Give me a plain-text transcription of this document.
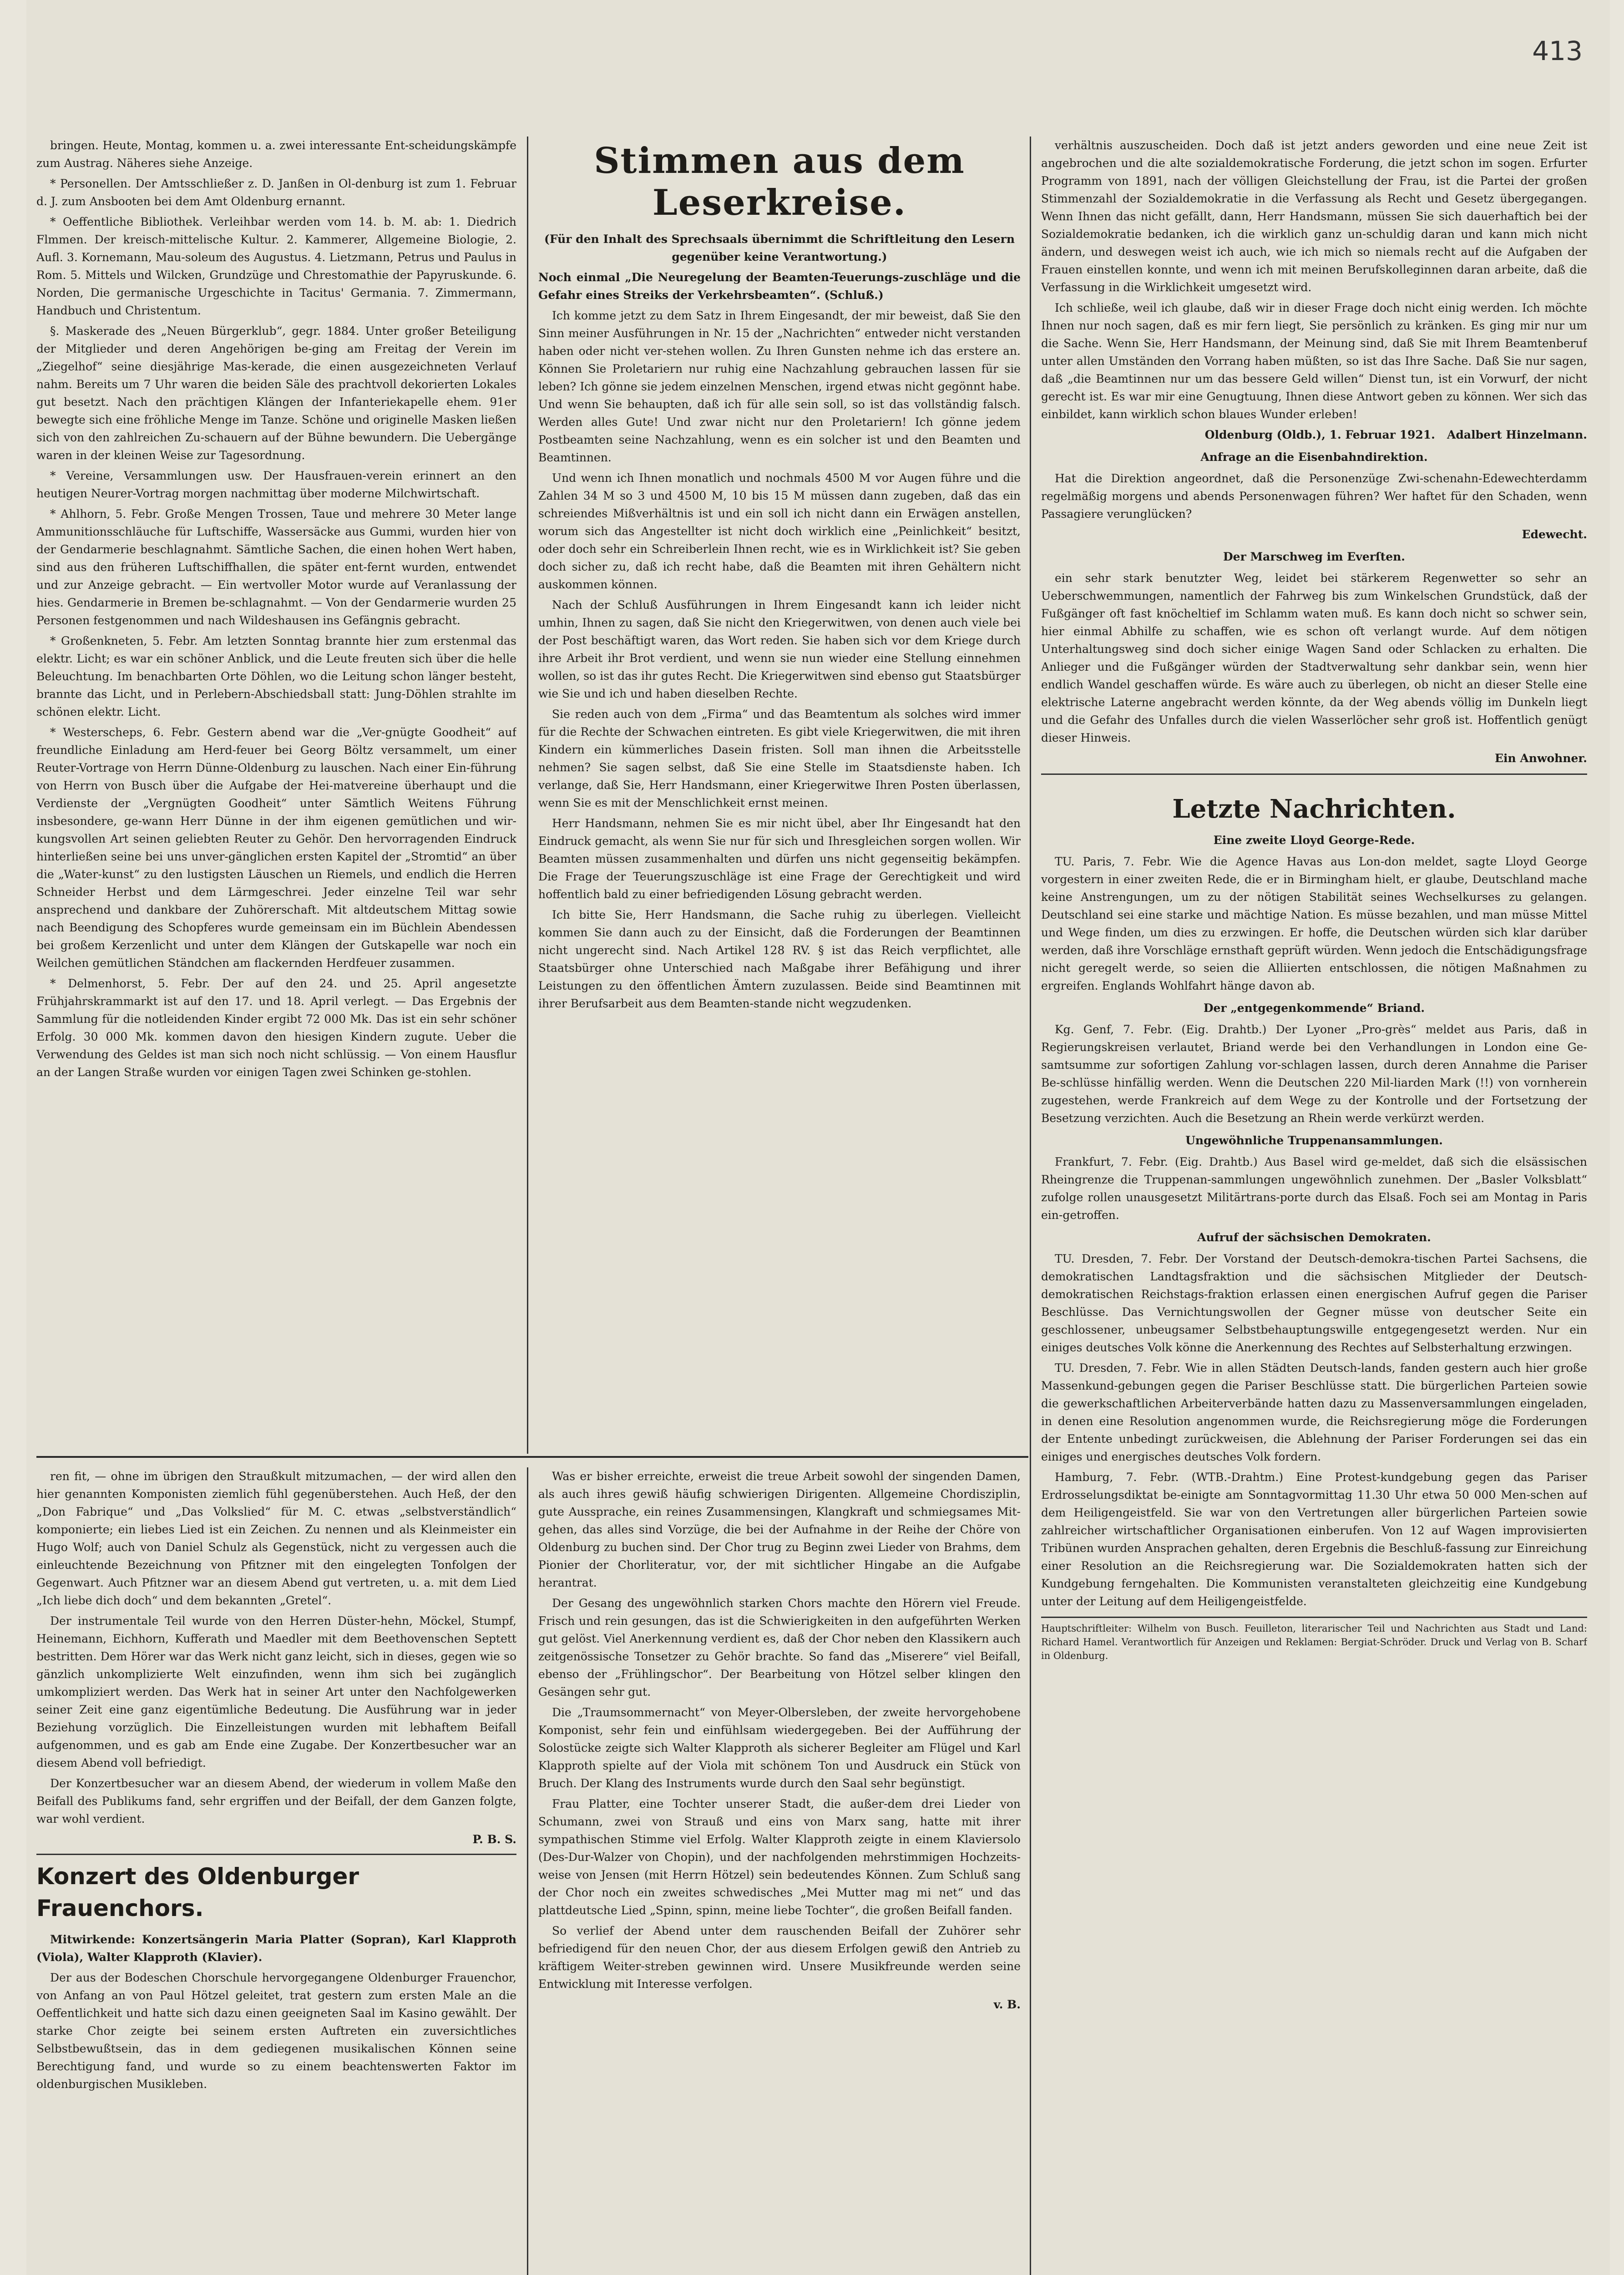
413

bringen. Heute, Montag, kommen u. a. zwei interessante Ent-scheidungskämpfe zum Austrag. Näheres siehe Anzeige.

* Personellen. Der Amtsschließer z. D. Janßen in Ol-denburg ist zum 1. Februar d. J. zum Ansbooten bei dem Amt Oldenburg ernannt.

* Oeffentliche Bibliothek. Verleihbar werden vom 14. b. M. ab: 1. Diedrich Flmmen. Der kreisch-mittelische Kultur. 2. Kammerer, Allgemeine Biologie, 2. Aufl. 3. Kornemann, Mau-soleum des Augustus. 4. Lietzmann, Petrus und Paulus in Rom. 5. Mittels und Wilcken, Grundzüge und Chrestomathie der Papyruskunde. 6. Norden, Die germanische Urgeschichte in Tacitus' Germania. 7. Zimmermann, Handbuch und Christentum.

§. Maskerade des „Neuen Bürgerklub“, gegr. 1884. Unter großer Beteiligung der Mitglieder und deren Angehörigen be-ging am Freitag der Verein im „Ziegelhof“ seine diesjährige Mas-kerade, die einen ausgezeichneten Verlauf nahm. Bereits um 7 Uhr waren die beiden Säle des prachtvoll dekorierten Lokales gut besetzt. Nach den prächtigen Klängen der Infanteriekapelle ehem. 91er bewegte sich eine fröhliche Menge im Tanze. Schöne und originelle Masken ließen sich von den zahlreichen Zu-schauern auf der Bühne bewundern. Die Uebergänge waren in der kleinen Weise zur Tagesordnung.

* Vereine, Versammlungen usw. Der Hausfrauen-verein erinnert an den heutigen Neurer-Vortrag morgen nachmittag über moderne Milchwirtschaft.

* Ahlhorn, 5. Febr. Große Mengen Trossen, Taue und mehrere 30 Meter lange Ammunitionsschläuche für Luftschiffe, Wassersäcke aus Gummi, wurden hier von der Gendarmerie beschlagnahmt. Sämtliche Sachen, die einen hohen Wert haben, sind aus den früheren Luftschiffhallen, die später ent-fernt wurden, entwendet und zur Anzeige gebracht. — Ein wertvoller Motor wurde auf Veranlassung der hies. Gendarmerie in Bremen be-schlagnahmt. — Von der Gendarmerie wurden 25 Personen festgenommen und nach Wildeshausen ins Gefängnis gebracht.

* Großenkneten, 5. Febr. Am letzten Sonntag brannte hier zum erstenmal das elektr. Licht; es war ein schöner Anblick, und die Leute freuten sich über die helle Beleuchtung. Im benachbarten Orte Döhlen, wo die Leitung schon länger besteht, brannte das Licht, und in Perlebern-Abschiedsball statt: Jung-Döhlen strahlte im schönen elektr. Licht.

* Westerscheps, 6. Febr. Gestern abend war die „Ver-gnügte Goodheit“ auf freundliche Einladung am Herd-feuer bei Georg Böltz versammelt, um einer Reuter-Vortrage von Herrn Dünne-Oldenburg zu lauschen. Nach einer Ein-führung von Herrn von Busch über die Aufgabe der Hei-matvereine überhaupt und die Verdienste der „Vergnügten Goodheit“ unter Sämtlich Weitens Führung insbesondere, ge-wann Herr Dünne in der ihm eigenen gemütlichen und wir-kungsvollen Art seinen geliebten Reuter zu Gehör. Den hervorragenden Eindruck hinterließen seine bei uns unver-gänglichen ersten Kapitel der „Stromtid“ an über die „Water-kunst“ zu den lustigsten Läuschen un Riemels, und endlich die Herren Schneider Herbst und dem Lärmgeschrei. Jeder einzelne Teil war sehr ansprechend und dankbare der Zuhörerschaft. Mit altdeutschem Mittag sowie nach Beendigung des Schopferes wurde gemeinsam ein im Büchlein Abendessen bei großem Kerzenlicht und unter dem Klängen der Gutskapelle war noch ein Weilchen gemütlichen Ständchen am flackernden Herdfeuer zusammen.

* Delmenhorst, 5. Febr. Der auf den 24. und 25. April angesetzte Frühjahrskrammarkt ist auf den 17. und 18. April verlegt. — Das Ergebnis der Sammlung für die notleidenden Kinder ergibt 72 000 Mk. Das ist ein sehr schöner Erfolg. 30 000 Mk. kommen davon den hiesigen Kindern zugute. Ueber die Verwendung des Geldes ist man sich noch nicht schlüssig. — Von einem Hausflur an der Langen Straße wurden vor einigen Tagen zwei Schinken ge-stohlen.

Stimmen aus dem Leserkreise.

(Für den Inhalt des Sprechsaals übernimmt die Schriftleitung den Lesern gegenüber keine Verantwortung.)

Noch einmal „Die Neuregelung der Beamten-Teuerungs-zuschläge und die Gefahr eines Streiks der Verkehrsbeamten“. (Schluß.)

Ich komme jetzt zu dem Satz in Ihrem Eingesandt, der mir beweist, daß Sie den Sinn meiner Ausführungen in Nr. 15 der „Nachrichten“ entweder nicht verstanden haben oder nicht ver-stehen wollen. Zu Ihren Gunsten nehme ich das erstere an. Können Sie Proletariern nur ruhig eine Nachzahlung gebrauchen lassen für sie leben? Ich gönne sie jedem einzelnen Menschen, irgend etwas nicht gegönnt habe. Und wenn Sie behaupten, daß ich für alle sein soll, so ist das vollständig falsch. Werden alles Gute! Und zwar nicht nur den Proletariern! Ich gönne jedem Postbeamten seine Nachzahlung, wenn es ein solcher ist und den Beamten und Beamtinnen.

Und wenn ich Ihnen monatlich und nochmals 4500 M vor Augen führe und die Zahlen 34 M so 3 und 4500 M, 10 bis 15 M müssen dann zugeben, daß das ein schreiendes Mißverhältnis ist und ein soll ich nicht dann ein Erwägen anstellen, worum sich das Angestellter ist nicht doch wirklich eine „Peinlichkeit“ besitzt, oder doch sehr ein Schreiberlein Ihnen recht, wie es in Wirklichkeit ist? Sie geben doch sicher zu, daß ich recht habe, daß die Beamten mit ihren Gehältern nicht auskommen können.

Nach der Schluß Ausführungen in Ihrem Eingesandt kann ich leider nicht umhin, Ihnen zu sagen, daß Sie nicht den Kriegerwitwen, von denen auch viele bei der Post beschäftigt waren, das Wort reden. Sie haben sich vor dem Kriege durch ihre Arbeit ihr Brot verdient, und wenn sie nun wieder eine Stellung einnehmen wollen, so ist das ihr gutes Recht. Die Kriegerwitwen sind ebenso gut Staatsbürger wie Sie und ich und haben dieselben Rechte.

Sie reden auch von dem „Firma“ und das Beamtentum als solches wird immer für die Rechte der Schwachen eintreten. Es gibt viele Kriegerwitwen, die mit ihren Kindern ein kümmerliches Dasein fristen. Soll man ihnen die Arbeitsstelle nehmen? Sie sagen selbst, daß Sie eine Stelle im Staatsdienste haben. Ich verlange, daß Sie, Herr Handsmann, einer Kriegerwitwe Ihren Posten überlassen, wenn Sie es mit der Menschlichkeit ernst meinen.

Herr Handsmann, nehmen Sie es mir nicht übel, aber Ihr Eingesandt hat den Eindruck gemacht, als wenn Sie nur für sich und Ihresgleichen sorgen wollen. Wir Beamten müssen zusammenhalten und dürfen uns nicht gegenseitig bekämpfen. Die Frage der Teuerungszuschläge ist eine Frage der Gerechtigkeit und wird hoffentlich bald zu einer befriedigenden Lösung gebracht werden.

Ich bitte Sie, Herr Handsmann, die Sache ruhig zu überlegen. Vielleicht kommen Sie dann auch zu der Einsicht, daß die Forderungen der Beamtinnen nicht ungerecht sind. Nach Artikel 128 RV. § ist das Reich verpflichtet, alle Staatsbürger ohne Unterschied nach Maßgabe ihrer Befähigung und ihrer Leistungen zu den öffentlichen Ämtern zuzulassen. Beide sind Beamtinnen mit ihrer Berufsarbeit aus dem Beamten-stande nicht wegzudenken.

verhältnis auszuscheiden. Doch daß ist jetzt anders geworden und eine neue Zeit ist angebrochen und die alte sozialdemokratische Forderung, die jetzt schon im sogen. Erfurter Programm von 1891, nach der völligen Gleichstellung der Frau, ist die Partei der großen Stimmenzahl der Sozialdemokratie in die Verfassung als Recht und Gesetz übergegangen. Wenn Ihnen das nicht gefällt, dann, Herr Handsmann, müssen Sie sich dauerhaftich bei der Sozialdemokratie bedanken, ich die wirklich ganz un-schuldig daran und kann mich nicht ändern, und deswegen weist ich auch, wie ich mich so niemals recht auf die Aufgaben der Frauen einstellen konnte, und wenn ich mit meinen Berufskolleginnen daran arbeite, daß die Verfassung in die Wirklichkeit umgesetzt wird.

Ich schließe, weil ich glaube, daß wir in dieser Frage doch nicht einig werden. Ich möchte Ihnen nur noch sagen, daß es mir fern liegt, Sie persönlich zu kränken. Es ging mir nur um die Sache. Wenn Sie, Herr Handsmann, der Meinung sind, daß Sie mit Ihrem Beamtenberuf unter allen Umständen den Vorrang haben müßten, so ist das Ihre Sache. Daß Sie nur sagen, daß „die Beamtinnen nur um das bessere Geld willen“ Dienst tun, ist ein Vorwurf, der nicht gerecht ist. Es war mir eine Genugtuung, Ihnen diese Antwort geben zu können. Wer sich das einbildet, kann wirklich schon blaues Wunder erleben!

Oldenburg (Oldb.), 1. Februar 1921. Adalbert Hinzelmann.
Anfrage an die Eisenbahndirektion.

Hat die Direktion angeordnet, daß die Personenzüge Zwi-schenahn-Edewechterdamm regelmäßig morgens und abends Personenwagen führen? Wer haftet für den Schaden, wenn Passagiere verunglücken?

Edewecht.
Der Marschweg im Everſten.

ein sehr stark benutzter Weg, leidet bei stärkerem Regenwetter so sehr an Ueberschwemmungen, namentlich der Fahrweg bis zum Winkelschen Grundstück, daß der Fußgänger oft fast knöcheltief im Schlamm waten muß. Es kann doch nicht so schwer sein, hier einmal Abhilfe zu schaffen, wie es schon oft verlangt wurde. Auf dem nötigen Unterhaltungsweg sind doch sicher einige Wagen Sand oder Schlacken zu erhalten. Die Anlieger und die Fußgänger würden der Stadtverwaltung sehr dankbar sein, wenn hier endlich Wandel geschaffen würde. Es wäre auch zu überlegen, ob nicht an dieser Stelle eine elektrische Laterne angebracht werden könnte, da der Weg abends völlig im Dunkeln liegt und die Gefahr des Unfalles durch die vielen Wasserlöcher sehr groß ist. Hoffentlich genügt dieser Hinweis.

Ein Anwohner.
Letzte Nachrichten.
Eine zweite Lloyd George-Rede.

TU. Paris, 7. Febr. Wie die Agence Havas aus Lon-don meldet, sagte Lloyd George vorgestern in einer zweiten Rede, die er in Birmingham hielt, er glaube, Deutschland mache keine Anstrengungen, um zu der nötigen Stabilität seines Wechselkurses zu gelangen. Deutschland sei eine starke und mächtige Nation. Es müsse bezahlen, und man müsse Mittel und Wege finden, um dies zu erzwingen. Er hoffe, die Deutschen würden sich klar darüber werden, daß ihre Vorschläge ernsthaft geprüft würden. Wenn jedoch die Entschädigungsfrage nicht geregelt werde, so seien die Alliierten entschlossen, die nötigen Maßnahmen zu ergreifen. Englands Wohlfahrt hänge davon ab.

Der „entgegenkommende“ Briand.

Kg. Genf, 7. Febr. (Eig. Drahtb.) Der Lyoner „Pro-grès“ meldet aus Paris, daß in Regierungskreisen verlautet, Briand werde bei den Verhandlungen in London eine Ge-samtsumme zur sofortigen Zahlung vor-schlagen lassen, durch deren Annahme die Pariser Be-schlüsse hinfällig werden. Wenn die Deutschen 220 Mil-liarden Mark (!!) von vornherein zugestehen, werde Frankreich auf dem Wege zu der Kontrolle und der Fortsetzung der Besetzung verzichten. Auch die Besetzung an Rhein werde verkürzt werden.

Ungewöhnliche Truppenansammlungen.

Frankfurt, 7. Febr. (Eig. Drahtb.) Aus Basel wird ge-meldet, daß sich die elsässischen Rheingrenze die Truppenan-sammlungen ungewöhnlich zunehmen. Der „Basler Volksblatt“ zufolge rollen unausgesetzt Militärtrans-porte durch das Elsaß. Foch sei am Montag in Paris ein-getroffen.

Aufruf der sächsischen Demokraten.

TU. Dresden, 7. Febr. Der Vorstand der Deutsch-demokra-tischen Partei Sachsens, die demokratischen Landtagsfraktion und die sächsischen Mitglieder der Deutsch-demokratischen Reichstags-fraktion erlassen einen energischen Aufruf gegen die Pariser Beschlüsse. Das Vernichtungswollen der Gegner müsse von deutscher Seite ein geschlossener, unbeugsamer Selbstbehauptungswille entgegengesetzt werden. Nur ein einiges deutsches Volk könne die Anerkennung des Rechtes auf Selbsterhaltung erzwingen.

TU. Dresden, 7. Febr. Wie in allen Städten Deutsch-lands, fanden gestern auch hier große Massenkund-gebungen gegen die Pariser Beschlüsse statt. Die bürgerlichen Parteien sowie die gewerkschaftlichen Arbeiterverbände hatten dazu zu Massenversammlungen eingeladen, in denen eine Resolution angenommen wurde, die Reichsregierung möge die Forderungen der Entente unbedingt zurückweisen, die Ablehnung der Pariser Forderungen sei das ein einiges und energisches deutsches Volk fordern.

Hamburg, 7. Febr. (WTB.-Drahtm.) Eine Protest-kundgebung gegen das Pariser Erdrosselungsdiktat be-einigte am Sonntagvormittag 11.30 Uhr etwa 50 000 Men-schen auf dem Heiligengeistfeld. Sie war von den Vertretungen aller bürgerlichen Parteien sowie zahlreicher wirtschaftlicher Organisationen einberufen. Von 12 auf Wagen improvisierten Tribünen wurden Ansprachen gehalten, deren Ergebnis die Beschluß-fassung zur Einreichung einer Resolution an die Reichsregierung war. Die Sozialdemokraten hatten sich der Kundgebung ferngehalten. Die Kommunisten veranstalteten gleichzeitig eine Kundgebung unter der Leitung auf dem Heiligengeistfelde.

Hauptschriftleiter: Wilhelm von Busch. Feuilleton, literarischer Teil und Nachrichten aus Stadt und Land: Richard Hamel. Verantwortlich für Anzeigen und Reklamen: Bergiat-Schröder. Druck und Verlag von B. Scharf in Oldenburg.

ren fit, — ohne im übrigen den Straußkult mitzumachen, — der wird allen den hier genannten Komponisten ziemlich fühl gegenüberstehen. Auch Heß, der den „Don Fabrique“ und „Das Volkslied“ für M. C. etwas „selbstverständlich“ komponierte; ein liebes Lied ist ein Zeichen. Zu nennen und als Kleinmeister ein Hugo Wolf; auch von Daniel Schulz als Gegenstück, nicht zu vergessen auch die einleuchtende Bezeichnung von Pfitzner mit den eingelegten Tonfolgen der Gegenwart. Auch Pfitzner war an diesem Abend gut vertreten, u. a. mit dem Lied „Ich liebe dich doch“ und dem bekannten „Gretel“.

Der instrumentale Teil wurde von den Herren Düster-hehn, Möckel, Stumpf, Heinemann, Eichhorn, Kufferath und Maedler mit dem Beethovenschen Septett bestritten. Dem Hörer war das Werk nicht ganz leicht, sich in dieses, gegen wie so gänzlich unkomplizierte Welt einzufinden, wenn ihm sich bei zugänglich umkompliziert werden. Das Werk hat in seiner Art unter den Nachfolgewerken seiner Zeit eine ganz eigentümliche Bedeutung. Die Ausführung war in jeder Beziehung vorzüglich. Die Einzelleistungen wurden mit lebhaftem Beifall aufgenommen, und es gab am Ende eine Zugabe. Der Konzertbesucher war an diesem Abend voll befriedigt.

Der Konzertbesucher war an diesem Abend, der wiederum in vollem Maße den Beifall des Publikums fand, sehr ergriffen und der Beifall, der dem Ganzen folgte, war wohl verdient.

P. B. S.
Konzert des Oldenburger Frauenchors.

Mitwirkende: Konzertsängerin Maria Platter (Sopran), Karl Klapproth (Viola), Walter Klapproth (Klavier).

Der aus der Bodeschen Chorschule hervorgegangene Oldenburger Frauenchor, von Anfang an von Paul Hötzel geleitet, trat gestern zum ersten Male an die Oeffentlichkeit und hatte sich dazu einen geeigneten Saal im Kasino gewählt. Der starke Chor zeigte bei seinem ersten Auftreten ein zuversichtliches Selbstbewußtsein, das in dem gediegenen musikalischen Können seine Berechtigung fand, und wurde so zu einem beachtenswerten Faktor im oldenburgischen Musikleben.

Was er bisher erreichte, erweist die treue Arbeit sowohl der singenden Damen, als auch ihres gewiß häufig schwierigen Dirigenten. Allgemeine Chordisziplin, gute Aussprache, ein reines Zusammensingen, Klangkraft und schmiegsames Mit-gehen, das alles sind Vorzüge, die bei der Aufnahme in der Reihe der Chöre von Oldenburg zu buchen sind. Der Chor trug zu Beginn zwei Lieder von Brahms, dem Pionier der Chorliteratur, vor, der mit sichtlicher Hingabe an die Aufgabe herantrat.

Der Gesang des ungewöhnlich starken Chors machte den Hörern viel Freude. Frisch und rein gesungen, das ist die Schwierigkeiten in den aufgeführten Werken gut gelöst. Viel Anerkennung verdient es, daß der Chor neben den Klassikern auch zeitgenössische Tonsetzer zu Gehör brachte. So fand das „Miserere“ viel Beifall, ebenso der „Frühlingschor“. Der Bearbeitung von Hötzel selber klingen den Gesängen sehr gut.

Die „Traumsommernacht“ von Meyer-Olbersleben, der zweite hervorgehobene Komponist, sehr fein und einfühlsam wiedergegeben. Bei der Aufführung der Solostücke zeigte sich Walter Klapproth als sicherer Begleiter am Flügel und Karl Klapproth spielte auf der Viola mit schönem Ton und Ausdruck ein Stück von Bruch. Der Klang des Instruments wurde durch den Saal sehr begünstigt.

Frau Platter, eine Tochter unserer Stadt, die außer-dem drei Lieder von Schumann, zwei von Strauß und eins von Marx sang, hatte mit ihrer sympathischen Stimme viel Erfolg. Walter Klapproth zeigte in einem Klaviersolo (Des-Dur-Walzer von Chopin), und der nachfolgenden mehrstimmigen Hochzeits-weise von Jensen (mit Herrn Hötzel) sein bedeutendes Können. Zum Schluß sang der Chor noch ein zweites schwedisches „Mei Mutter mag mi net“ und das plattdeutsche Lied „Spinn, spinn, meine liebe Tochter“, die großen Beifall fanden.

So verlief der Abend unter dem rauschenden Beifall der Zuhörer sehr befriedigend für den neuen Chor, der aus diesem Erfolgen gewiß den Antrieb zu kräftigem Weiter-streben gewinnen wird. Unsere Musikfreunde werden seine Entwicklung mit Interesse verfolgen.

v. B.
